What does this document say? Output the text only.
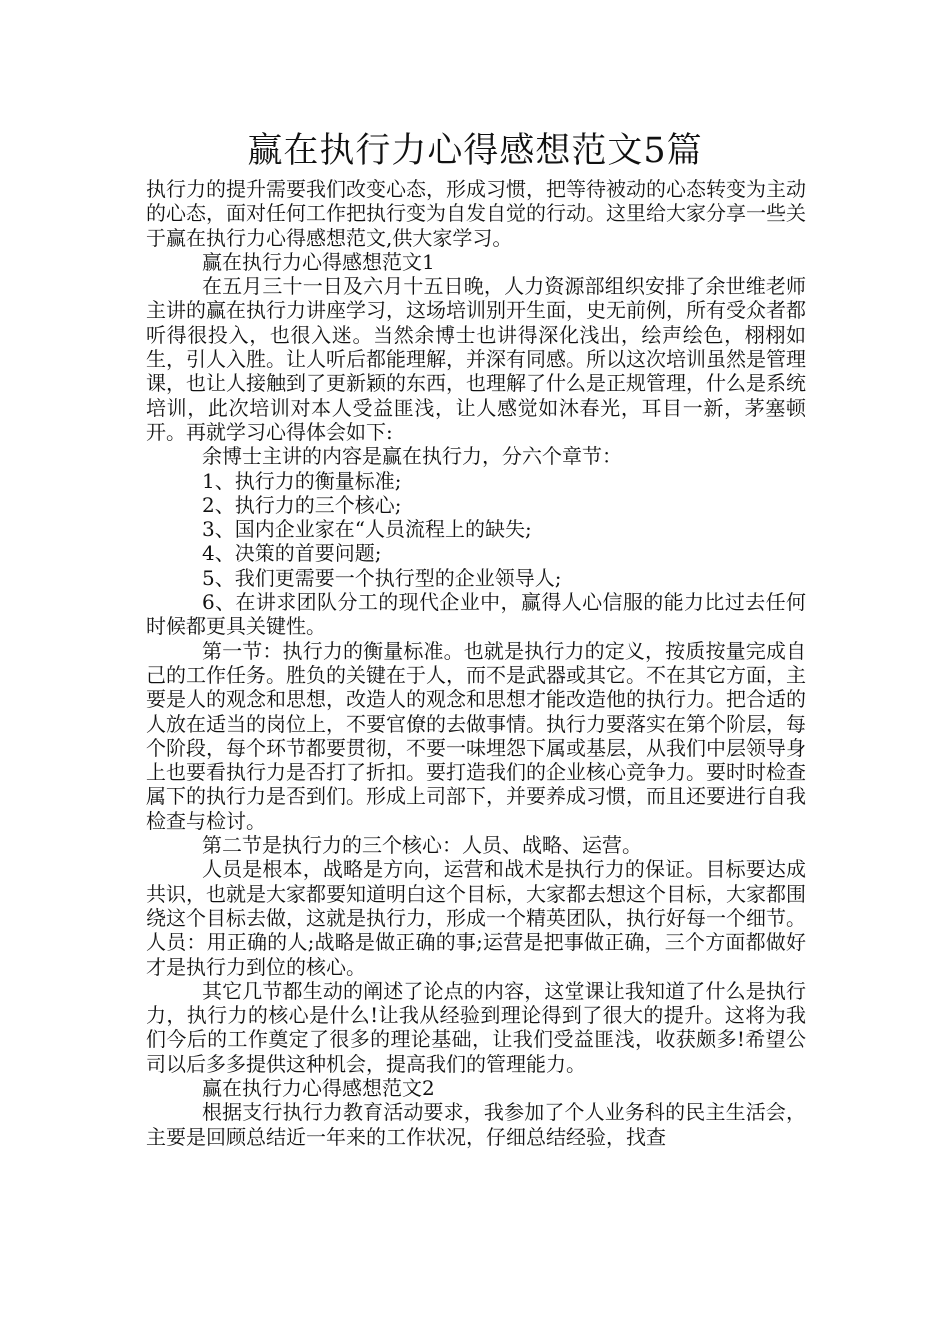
赢在执行力心得感想范文5篇

执行力的提升需要我们改变心态，形成习惯，把等待被动的心态转变为主动的心态，面对任何工作把执行变为自发自觉的行动。这里给大家分享一些关于赢在执行力心得感想范文,供大家学习。

赢在执行力心得感想范文1

在五月三十一日及六月十五日晚，人力资源部组织安排了余世维老师主讲的赢在执行力讲座学习，这场培训别开生面，史无前例，所有受众者都听得很投入，也很入迷。当然余博士也讲得深化浅出，绘声绘色，栩栩如生，引人入胜。让人听后都能理解，并深有同感。所以这次培训虽然是管理课，也让人接触到了更新颖的东西，也理解了什么是正规管理，什么是系统培训，此次培训对本人受益匪浅，让人感觉如沐春光，耳目一新，茅塞顿开。再就学习心得体会如下:

余博士主讲的内容是赢在执行力，分六个章节：

1、执行力的衡量标准;

2、执行力的三个核心;

3、国内企业家在“人员流程上的缺失;

4、决策的首要问题;

5、我们更需要一个执行型的企业领导人;

6、在讲求团队分工的现代企业中，赢得人心信服的能力比过去任何时候都更具关键性。

第一节：执行力的衡量标准。也就是执行力的定义，按质按量完成自己的工作任务。胜负的关键在于人，而不是武器或其它。不在其它方面，主要是人的观念和思想，改造人的观念和思想才能改造他的执行力。把合适的人放在适当的岗位上，不要官僚的去做事情。执行力要落实在第个阶层，每个阶段，每个环节都要贯彻，不要一味埋怨下属或基层，从我们中层领导身上也要看执行力是否打了折扣。要打造我们的企业核心竞争力。要时时检查属下的执行力是否到们。形成上司部下，并要养成习惯，而且还要进行自我检查与检讨。

第二节是执行力的三个核心：人员、战略、运营。

人员是根本，战略是方向，运营和战术是执行力的保证。目标要达成共识，也就是大家都要知道明白这个目标，大家都去想这个目标，大家都围绕这个目标去做，这就是执行力，形成一个精英团队，执行好每一个细节。人员：用正确的人;战略是做正确的事;运营是把事做正确，三个方面都做好才是执行力到位的核心。

其它几节都生动的阐述了论点的内容，这堂课让我知道了什么是执行力，执行力的核心是什么!让我从经验到理论得到了很大的提升。这将为我们今后的工作奠定了很多的理论基础，让我们受益匪浅，收获颇多!希望公司以后多多提供这种机会，提高我们的管理能力。

赢在执行力心得感想范文2

根据支行执行力教育活动要求，我参加了个人业务科的民主生活会，主要是回顾总结近一年来的工作状况，仔细总结经验，找查
